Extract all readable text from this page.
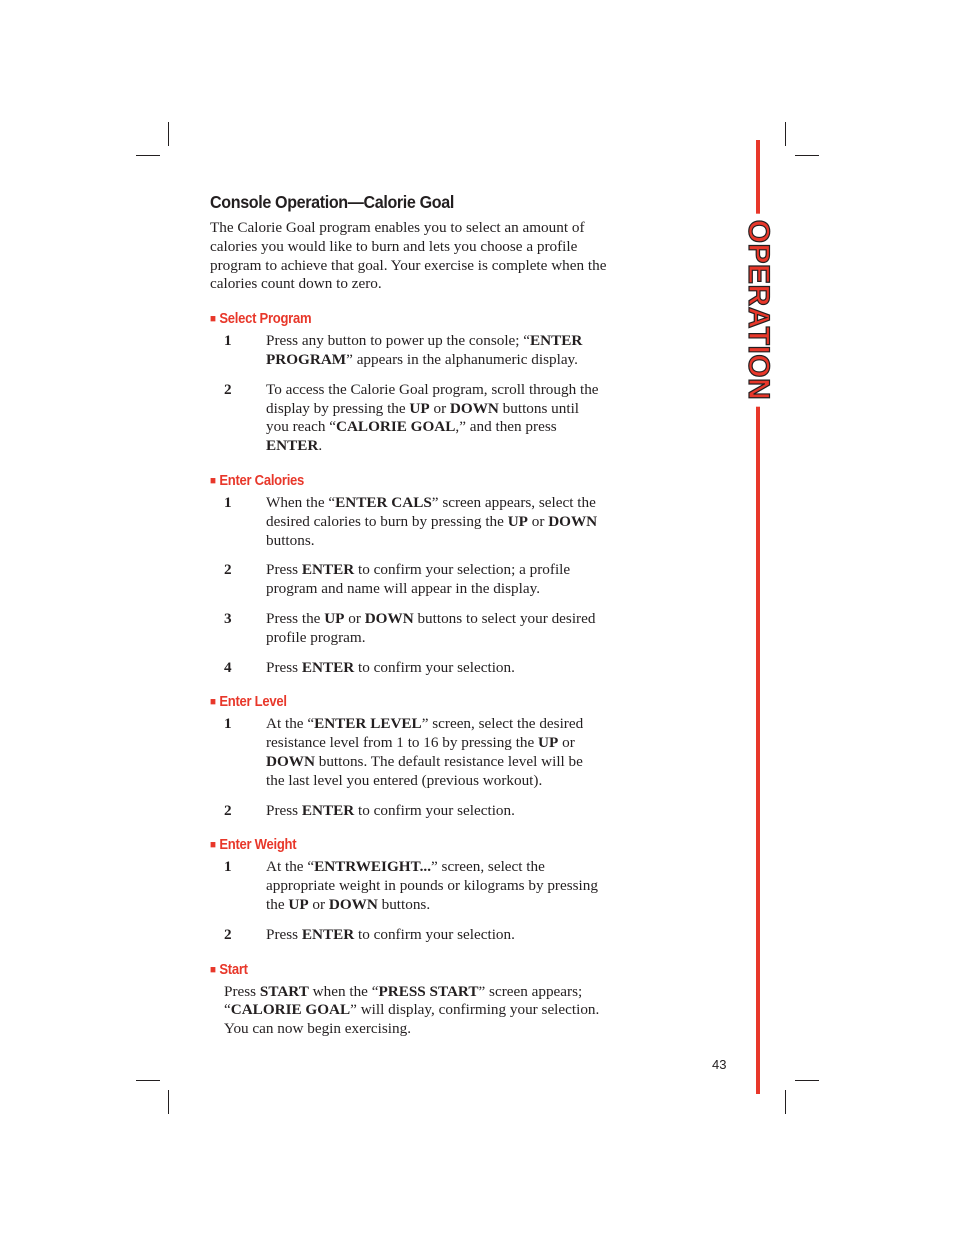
OPERATION
Console Operation—Calorie Goal

The Calorie Goal program enables you to select an amount of calories you would like to burn and lets you choose a profile program to achieve that goal. Your exercise is complete when the calories count down to zero.

■ Select Program
1	Press any button to power up the console; “ENTER PROGRAM” appears in the alphanumeric display.
2	To access the Calorie Goal program, scroll through the display by pressing the UP or DOWN buttons until you reach “CALORIE GOAL,” and then press ENTER.
■ Enter Calories
1	When the “ENTER CALS” screen appears, select the desired calories to burn by pressing the UP or DOWN buttons.
2	Press ENTER to confirm your selection; a profile program and name will appear in the display.
3	Press the UP or DOWN buttons to select your desired profile program.
4	Press ENTER to confirm your selection.
■ Enter Level
1	At the “ENTER LEVEL” screen, select the desired resistance level from 1 to 16 by pressing the UP or DOWN buttons. The default resistance level will be the last level you entered (previous workout).
2	Press ENTER to confirm your selection.
■ Enter Weight
1	At the “ENTRWEIGHT...” screen, select the appropriate weight in pounds or kilograms by pressing the UP or DOWN buttons.
2	Press ENTER to confirm your selection.
■ Start
Press START when the “PRESS START” screen appears; “CALORIE GOAL” will display, confirming your selection. You can now begin exercising.
43
